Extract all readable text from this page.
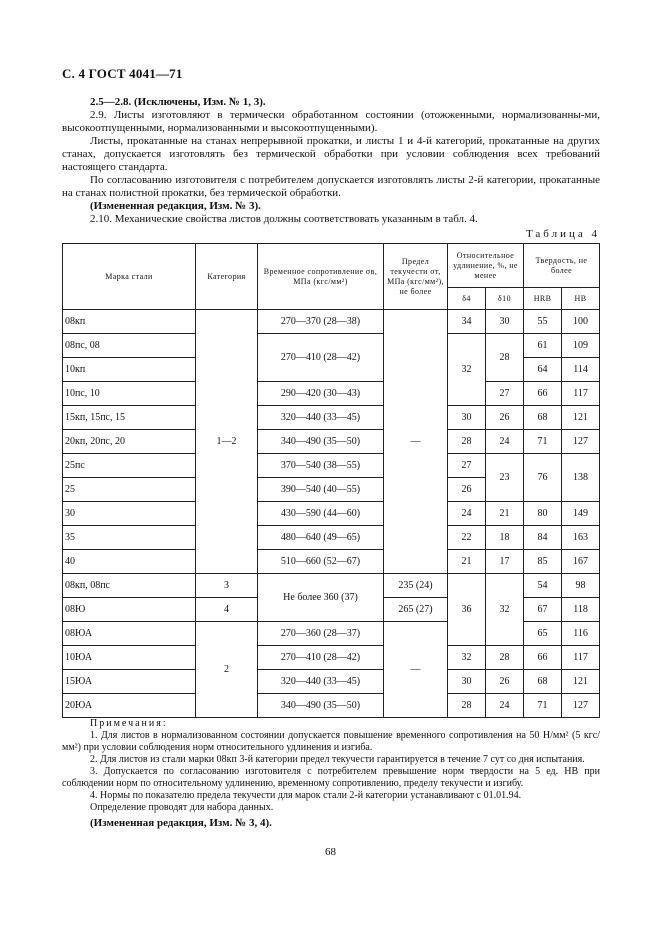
С. 4 ГОСТ 4041—71

2.5—2.8. (Исключены, Изм. № 1, 3).

2.9. Листы изготовляют в термически обработанном состоянии (отожженными, нормализованны-ми, высокоотпущенными, нормализованными и высокоотпущенными).

Листы, прокатанные на станах непрерывной прокатки, и листы 1 и 4-й категорий, прокатанные на других станах, допускается изготовлять без термической обработки при условии соблюдения всех требований настоящего стандарта.

По согласованию изготовителя с потребителем допускается изготовлять листы 2-й категории, прокатанные на станах полистной прокатки, без термической обработки.

(Измененная редакция, Изм. № 3).

2.10. Механические свойства листов должны соответствовать указанным в табл. 4.

Таблица 4
Марка стали	Категория	Временное сопротивление σв, МПа (кгс/мм²)	Предел текучести σт, МПа (кгс/мм²), не более	Относительное удлинение, %, не менее		Твердость, не более	
				δ4	δ10	HRB	HB
08кп	1—2	270—370 (28—38)	—	34	30	55	100
08пс, 08		270—410 (28—42)		32	28	61	109
10кп						64	114
10пс, 10		290—420 (30—43)			27	66	117
15кп, 15пс, 15		320—440 (33—45)		30	26	68	121
20кп, 20пс, 20		340—490 (35—50)		28	24	71	127
25пс		370—540 (38—55)		27	23	76	138
25		390—540 (40—55)		26			
30		430—590 (44—60)		24	21	80	149
35		480—640 (49—65)		22	18	84	163
40		510—660 (52—67)		21	17	85	167
08кп, 08пс	3	Не более 360 (37)	235 (24)	36	32	54	98
08Ю	4		265 (27)			67	118
08ЮА	2	270—360 (28—37)	—			65	116
10ЮА		270—410 (28—42)		32	28	66	117
15ЮА		320—440 (33—45)		30	26	68	121
20ЮА		340—490 (35—50)		28	24	71	127

Примечания:

1. Для листов в нормализованном состоянии допускается повышение временного сопротивления на 50 Н/мм² (5 кгс/мм²) при условии соблюдения норм относительного удлинения и изгиба.

2. Для листов из стали марки 08кп 3-й категории предел текучести гарантируется в течение 7 сут со дня испытания.

3. Допускается по согласованию изготовителя с потребителем превышение норм твердости на 5 ед. HB при соблюдении норм по относительному удлинению, временному сопротивлению, пределу текучести и изгибу.

4. Нормы по показателю предела текучести для марок стали 2-й категории устанавливают с 01.01.94.

Определение проводят для набора данных.

(Измененная редакция, Изм. № 3, 4).

68
